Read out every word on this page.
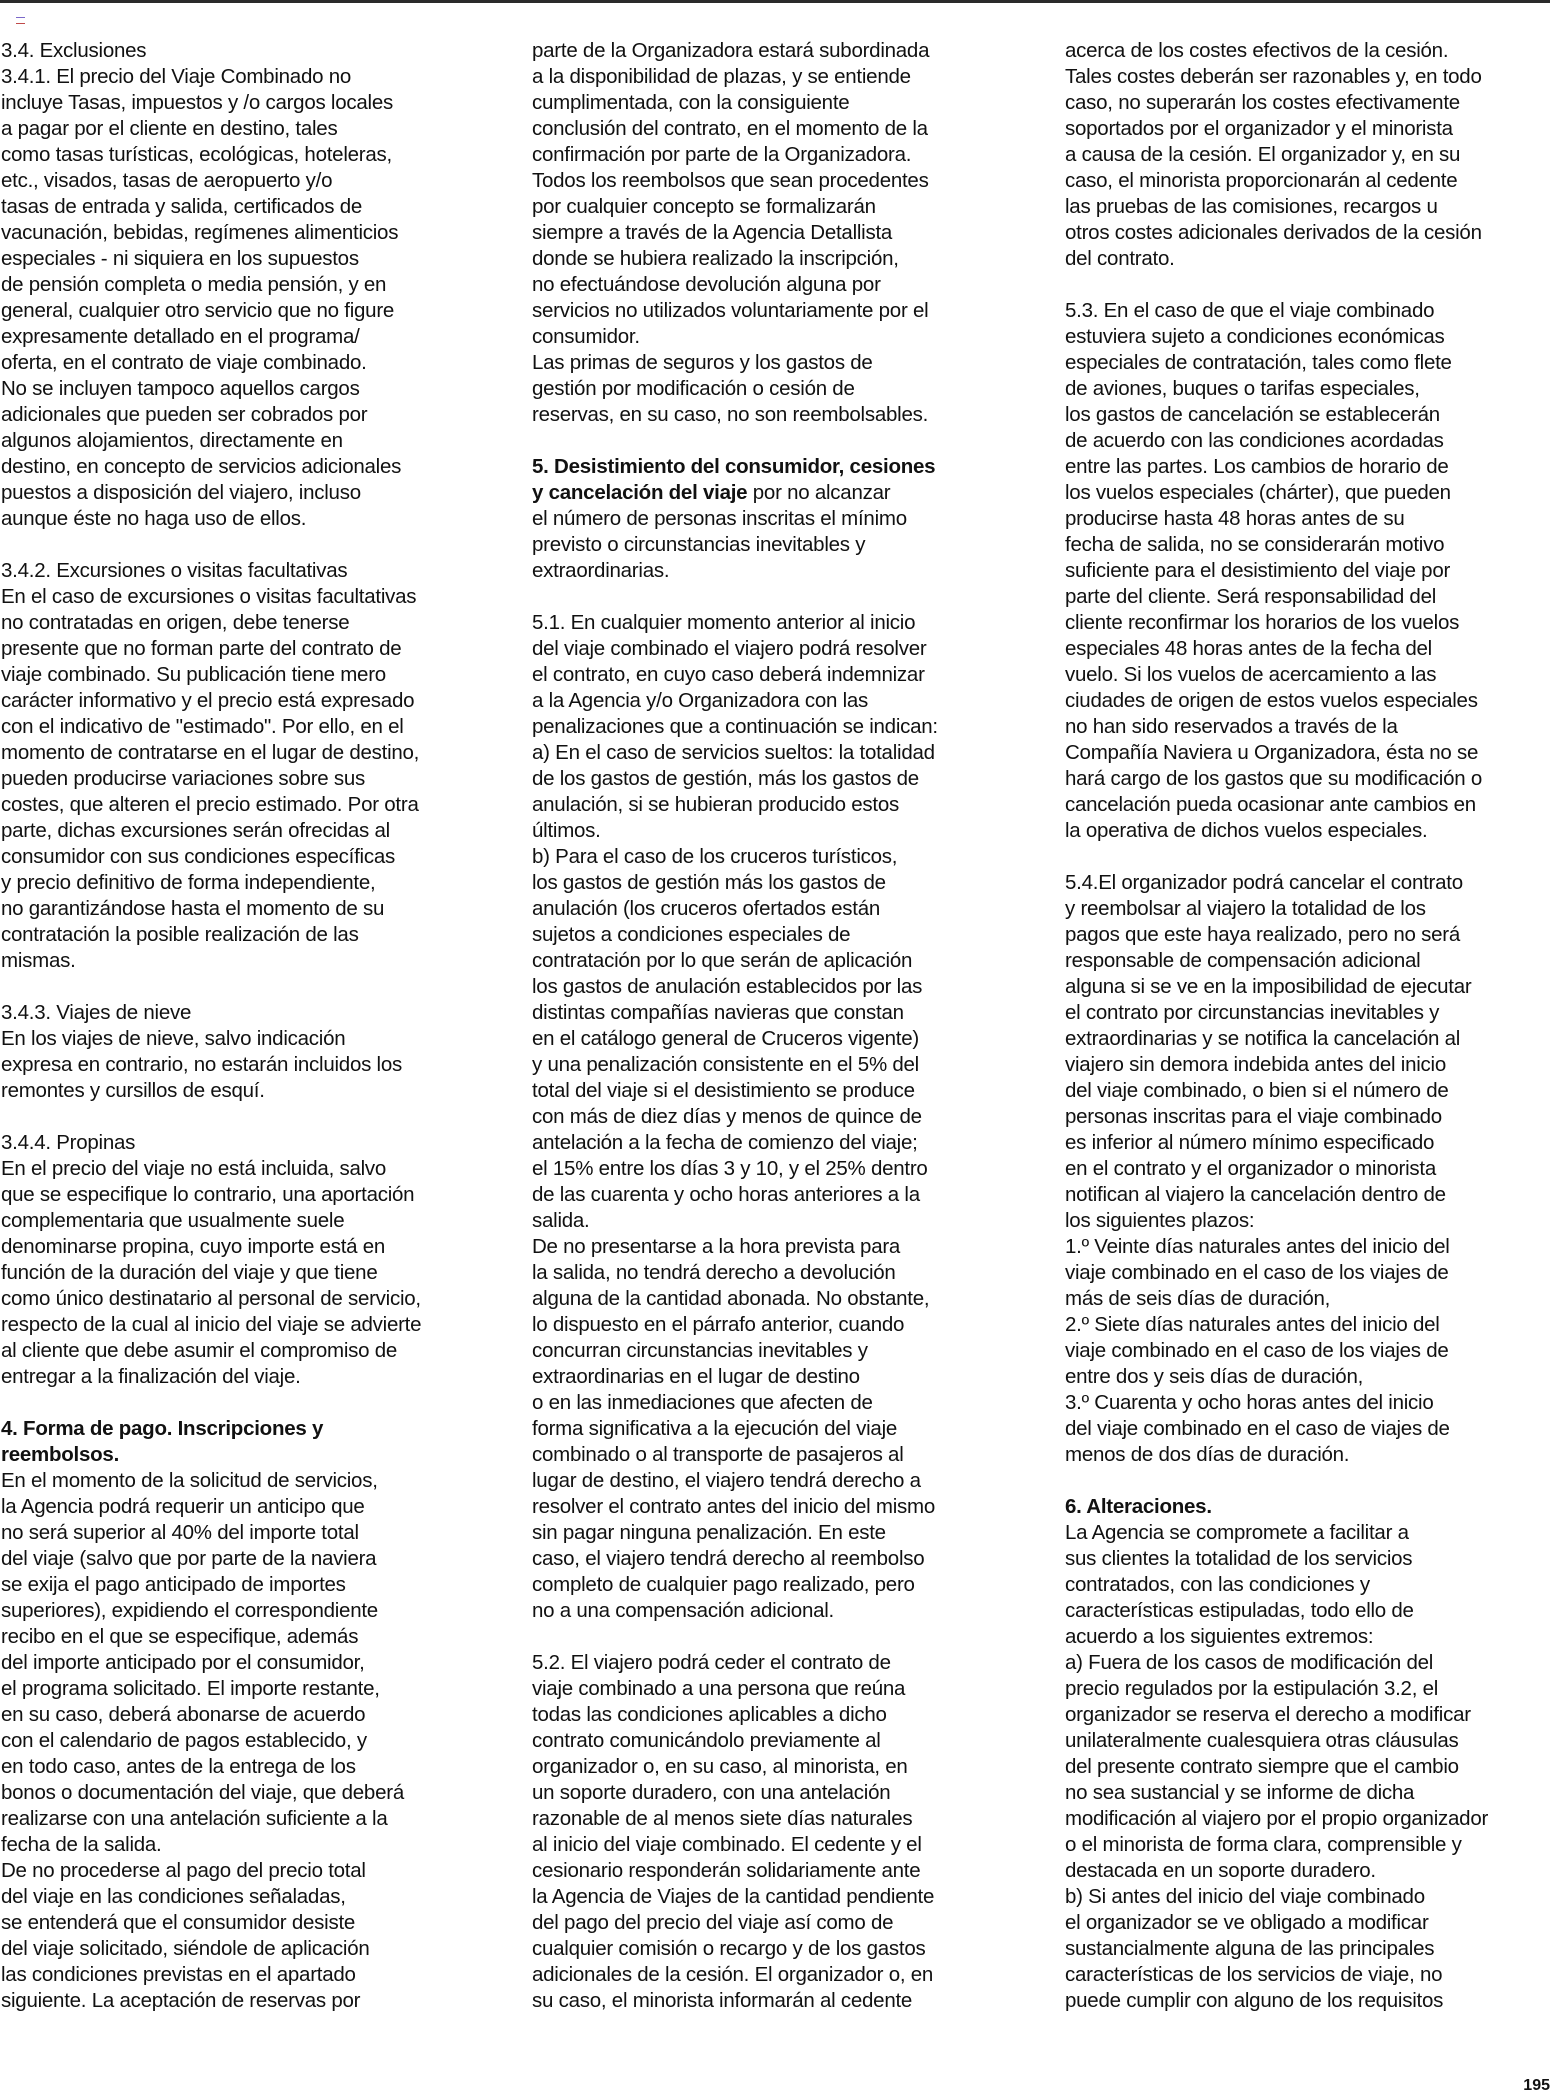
3.4. Exclusiones
3.4.1. El precio del Viaje Combinado no
incluye Tasas, impuestos y /o cargos locales
a pagar por el cliente en destino, tales
como tasas turísticas, ecológicas, hoteleras,
etc., visados, tasas de aeropuerto y/o
tasas de entrada y salida, certificados de
vacunación, bebidas, regímenes alimenticios
especiales - ni siquiera en los supuestos
de pensión completa o media pensión, y en
general, cualquier otro servicio que no figure
expresamente detallado en el programa/
oferta, en el contrato de viaje combinado.
No se incluyen tampoco aquellos cargos
adicionales que pueden ser cobrados por
algunos alojamientos, directamente en
destino, en concepto de servicios adicionales
puestos a disposición del viajero, incluso
aunque éste no haga uso de ellos.
3.4.2. Excursiones o visitas facultativas
En el caso de excursiones o visitas facultativas
no contratadas en origen, debe tenerse
presente que no forman parte del contrato de
viaje combinado. Su publicación tiene mero
carácter informativo y el precio está expresado
con el indicativo de "estimado". Por ello, en el
momento de contratarse en el lugar de destino,
pueden producirse variaciones sobre sus
costes, que alteren el precio estimado. Por otra
parte, dichas excursiones serán ofrecidas al
consumidor con sus condiciones específicas
y precio definitivo de forma independiente,
no garantizándose hasta el momento de su
contratación la posible realización de las
mismas.
3.4.3. Viajes de nieve
En los viajes de nieve, salvo indicación
expresa en contrario, no estarán incluidos los
remontes y cursillos de esquí.
3.4.4. Propinas
En el precio del viaje no está incluida, salvo
que se especifique lo contrario, una aportación
complementaria que usualmente suele
denominarse propina, cuyo importe está en
función de la duración del viaje y que tiene
como único destinatario al personal de servicio,
respecto de la cual al inicio del viaje se advierte
al cliente que debe asumir el compromiso de
entregar a la finalización del viaje.
4. Forma de pago. Inscripciones y
reembolsos.
En el momento de la solicitud de servicios,
la Agencia podrá requerir un anticipo que
no será superior al 40% del importe total
del viaje (salvo que por parte de la naviera
se exija el pago anticipado de importes
superiores), expidiendo el correspondiente
recibo en el que se especifique, además
del importe anticipado por el consumidor,
el programa solicitado. El importe restante,
en su caso, deberá abonarse de acuerdo
con el calendario de pagos establecido, y
en todo caso, antes de la entrega de los
bonos o documentación del viaje, que deberá
realizarse con una antelación suficiente a la
fecha de la salida.
De no procederse al pago del precio total
del viaje en las condiciones señaladas,
se entenderá que el consumidor desiste
del viaje solicitado, siéndole de aplicación
las condiciones previstas en el apartado
siguiente. La aceptación de reservas por
parte de la Organizadora estará subordinada
a la disponibilidad de plazas, y se entiende
cumplimentada, con la consiguiente
conclusión del contrato, en el momento de la
confirmación por parte de la Organizadora.
Todos los reembolsos que sean procedentes
por cualquier concepto se formalizarán
siempre a través de la Agencia Detallista
donde se hubiera realizado la inscripción,
no efectuándose devolución alguna por
servicios no utilizados voluntariamente por el
consumidor.
Las primas de seguros y los gastos de
gestión por modificación o cesión de
reservas, en su caso, no son reembolsables.
5. Desistimiento del consumidor, cesiones
y cancelación del viaje por no alcanzar
el número de personas inscritas el mínimo
previsto o circunstancias inevitables y
extraordinarias.
5.1. En cualquier momento anterior al inicio
del viaje combinado el viajero podrá resolver
el contrato, en cuyo caso deberá indemnizar
a la Agencia y/o Organizadora con las
penalizaciones que a continuación se indican:
a) En el caso de servicios sueltos: la totalidad
de los gastos de gestión, más los gastos de
anulación, si se hubieran producido estos
últimos.
b) Para el caso de los cruceros turísticos,
los gastos de gestión más los gastos de
anulación (los cruceros ofertados están
sujetos a condiciones especiales de
contratación por lo que serán de aplicación
los gastos de anulación establecidos por las
distintas compañías navieras que constan
en el catálogo general de Cruceros vigente)
y una penalización consistente en el 5% del
total del viaje si el desistimiento se produce
con más de diez días y menos de quince de
antelación a la fecha de comienzo del viaje;
el 15% entre los días 3 y 10, y el 25% dentro
de las cuarenta y ocho horas anteriores a la
salida.
De no presentarse a la hora prevista para
la salida, no tendrá derecho a devolución
alguna de la cantidad abonada. No obstante,
lo dispuesto en el párrafo anterior, cuando
concurran circunstancias inevitables y
extraordinarias en el lugar de destino
o en las inmediaciones que afecten de
forma significativa a la ejecución del viaje
combinado o al transporte de pasajeros al
lugar de destino, el viajero tendrá derecho a
resolver el contrato antes del inicio del mismo
sin pagar ninguna penalización. En este
caso, el viajero tendrá derecho al reembolso
completo de cualquier pago realizado, pero
no a una compensación adicional.
5.2. El viajero podrá ceder el contrato de
viaje combinado a una persona que reúna
todas las condiciones aplicables a dicho
contrato comunicándolo previamente al
organizador o, en su caso, al minorista, en
un soporte duradero, con una antelación
razonable de al menos siete días naturales
al inicio del viaje combinado. El cedente y el
cesionario responderán solidariamente ante
la Agencia de Viajes de la cantidad pendiente
del pago del precio del viaje así como de
cualquier comisión o recargo y de los gastos
adicionales de la cesión. El organizador o, en
su caso, el minorista informarán al cedente
acerca de los costes efectivos de la cesión.
Tales costes deberán ser razonables y, en todo
caso, no superarán los costes efectivamente
soportados por el organizador y el minorista
a causa de la cesión. El organizador y, en su
caso, el minorista proporcionarán al cedente
las pruebas de las comisiones, recargos u
otros costes adicionales derivados de la cesión
del contrato.
5.3. En el caso de que el viaje combinado
estuviera sujeto a condiciones económicas
especiales de contratación, tales como flete
de aviones, buques o tarifas especiales,
los gastos de cancelación se establecerán
de acuerdo con las condiciones acordadas
entre las partes. Los cambios de horario de
los vuelos especiales (chárter), que pueden
producirse hasta 48 horas antes de su
fecha de salida, no se considerarán motivo
suficiente para el desistimiento del viaje por
parte del cliente. Será responsabilidad del
cliente reconfirmar los horarios de los vuelos
especiales 48 horas antes de la fecha del
vuelo. Si los vuelos de acercamiento a las
ciudades de origen de estos vuelos especiales
no han sido reservados a través de la
Compañía Naviera u Organizadora, ésta no se
hará cargo de los gastos que su modificación o
cancelación pueda ocasionar ante cambios en
la operativa de dichos vuelos especiales.
5.4.El organizador podrá cancelar el contrato
y reembolsar al viajero la totalidad de los
pagos que este haya realizado, pero no será
responsable de compensación adicional
alguna si se ve en la imposibilidad de ejecutar
el contrato por circunstancias inevitables y
extraordinarias y se notifica la cancelación al
viajero sin demora indebida antes del inicio
del viaje combinado, o bien si el número de
personas inscritas para el viaje combinado
es inferior al número mínimo especificado
en el contrato y el organizador o minorista
notifican al viajero la cancelación dentro de
los siguientes plazos:
1.º Veinte días naturales antes del inicio del
viaje combinado en el caso de los viajes de
más de seis días de duración,
2.º Siete días naturales antes del inicio del
viaje combinado en el caso de los viajes de
entre dos y seis días de duración,
3.º Cuarenta y ocho horas antes del inicio
del viaje combinado en el caso de viajes de
menos de dos días de duración.
6. Alteraciones.
La Agencia se compromete a facilitar a
sus clientes la totalidad de los servicios
contratados, con las condiciones y
características estipuladas, todo ello de
acuerdo a los siguientes extremos:
a) Fuera de los casos de modificación del
precio regulados por la estipulación 3.2, el
organizador se reserva el derecho a modificar
unilateralmente cualesquiera otras cláusulas
del presente contrato siempre que el cambio
no sea sustancial y se informe de dicha
modificación al viajero por el propio organizador
o el minorista de forma clara, comprensible y
destacada en un soporte duradero.
b) Si antes del inicio del viaje combinado
el organizador se ve obligado a modificar
sustancialmente alguna de las principales
características de los servicios de viaje, no
puede cumplir con alguno de los requisitos
195
